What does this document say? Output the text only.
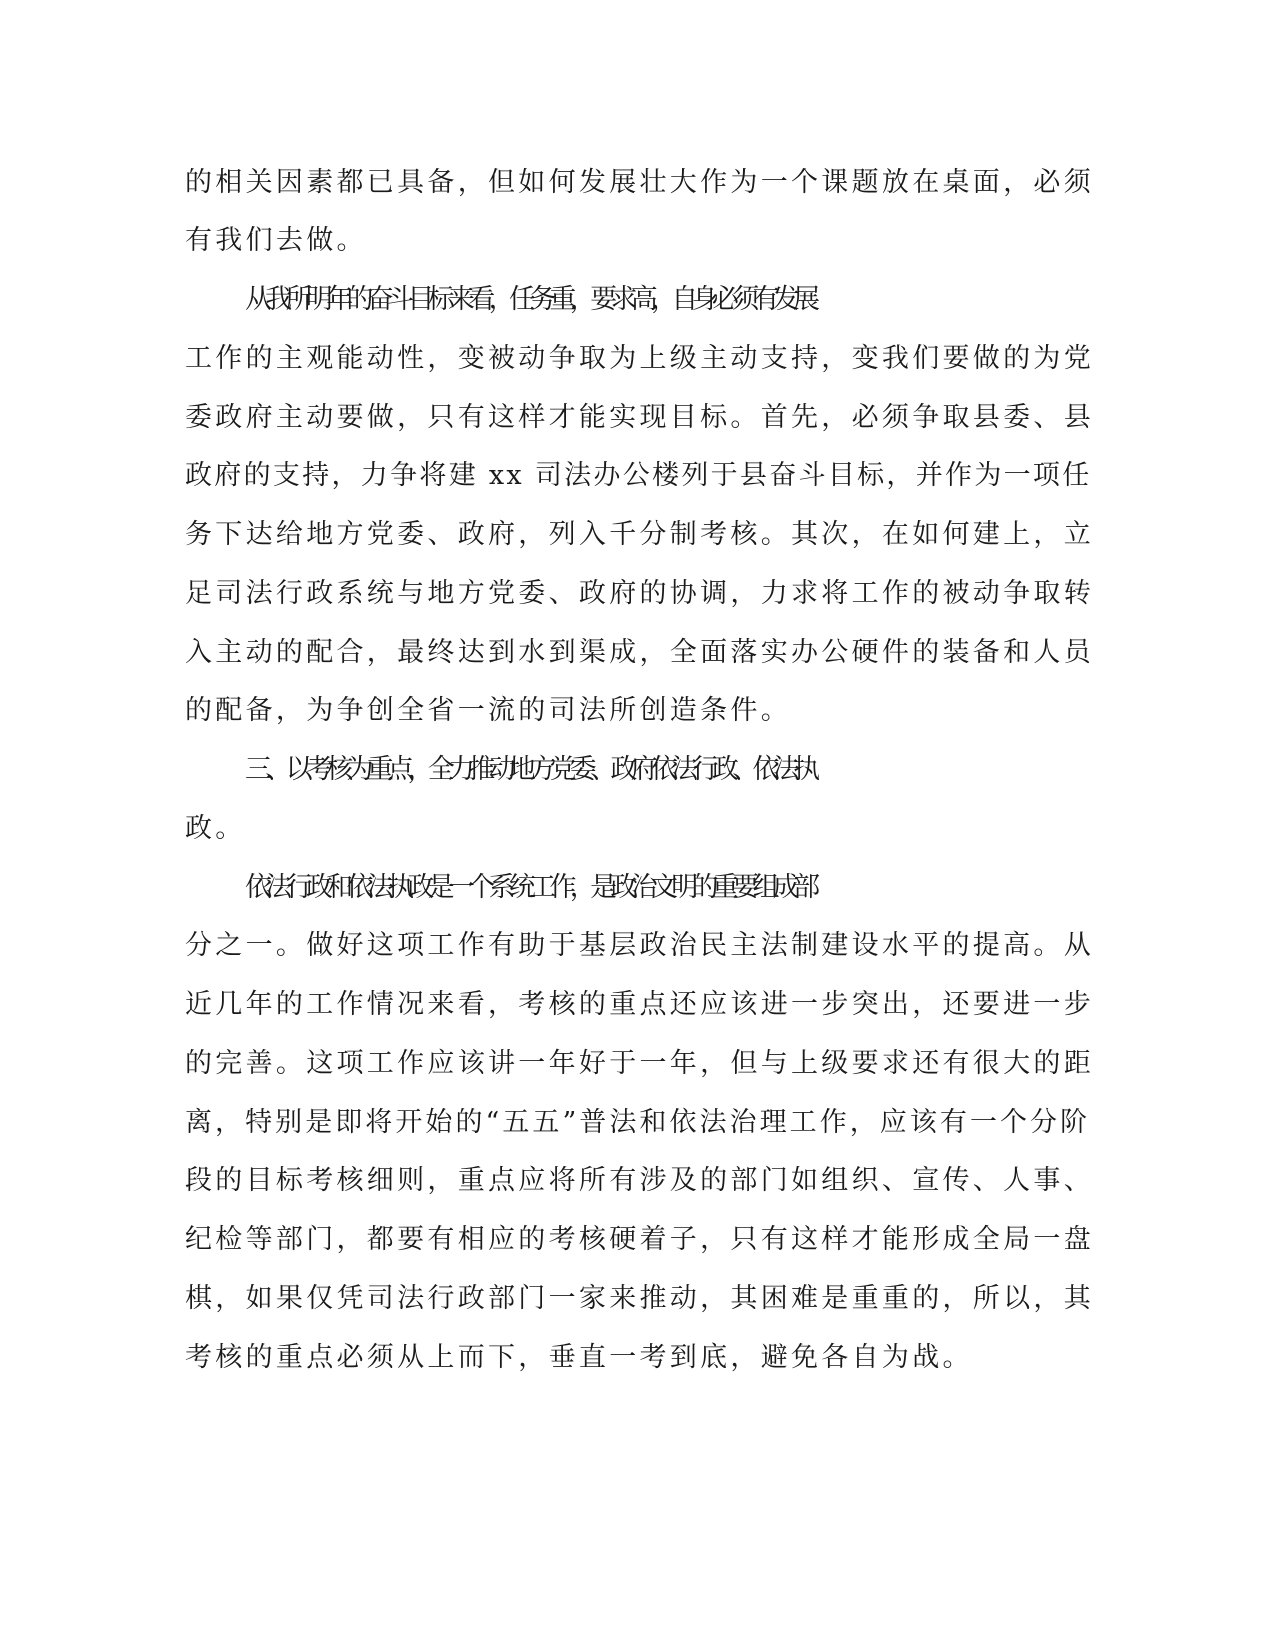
的相关因素都已具备，但如何发展壮大作为一个课题放在桌面，必须
有我们去做。
从我所明年的奋斗目标来看，任务重，要求高，自身必须有发展
工作的主观能动性，变被动争取为上级主动支持，变我们要做的为党
委政府主动要做，只有这样才能实现目标。首先，必须争取县委、县
政府的支持，力争将建 xx 司法办公楼列于县奋斗目标，并作为一项任
务下达给地方党委、政府，列入千分制考核。其次，在如何建上，立
足司法行政系统与地方党委、政府的协调，力求将工作的被动争取转
入主动的配合，最终达到水到渠成，全面落实办公硬件的装备和人员
的配备，为争创全省一流的司法所创造条件。
三、以考核为重点，全力推动地方党委、政府依法行政、依法执
政。
依法行政和依法执政是一个系统工作，是政治文明的重要组成部
分之一。做好这项工作有助于基层政治民主法制建设水平的提高。从
近几年的工作情况来看，考核的重点还应该进一步突出，还要进一步
的完善。这项工作应该讲一年好于一年，但与上级要求还有很大的距
离，特别是即将开始的“五五”普法和依法治理工作，应该有一个分阶
段的目标考核细则，重点应将所有涉及的部门如组织、宣传、人事、
纪检等部门，都要有相应的考核硬着子，只有这样才能形成全局一盘
棋，如果仅凭司法行政部门一家来推动，其困难是重重的，所以，其
考核的重点必须从上而下，垂直一考到底，避免各自为战。
